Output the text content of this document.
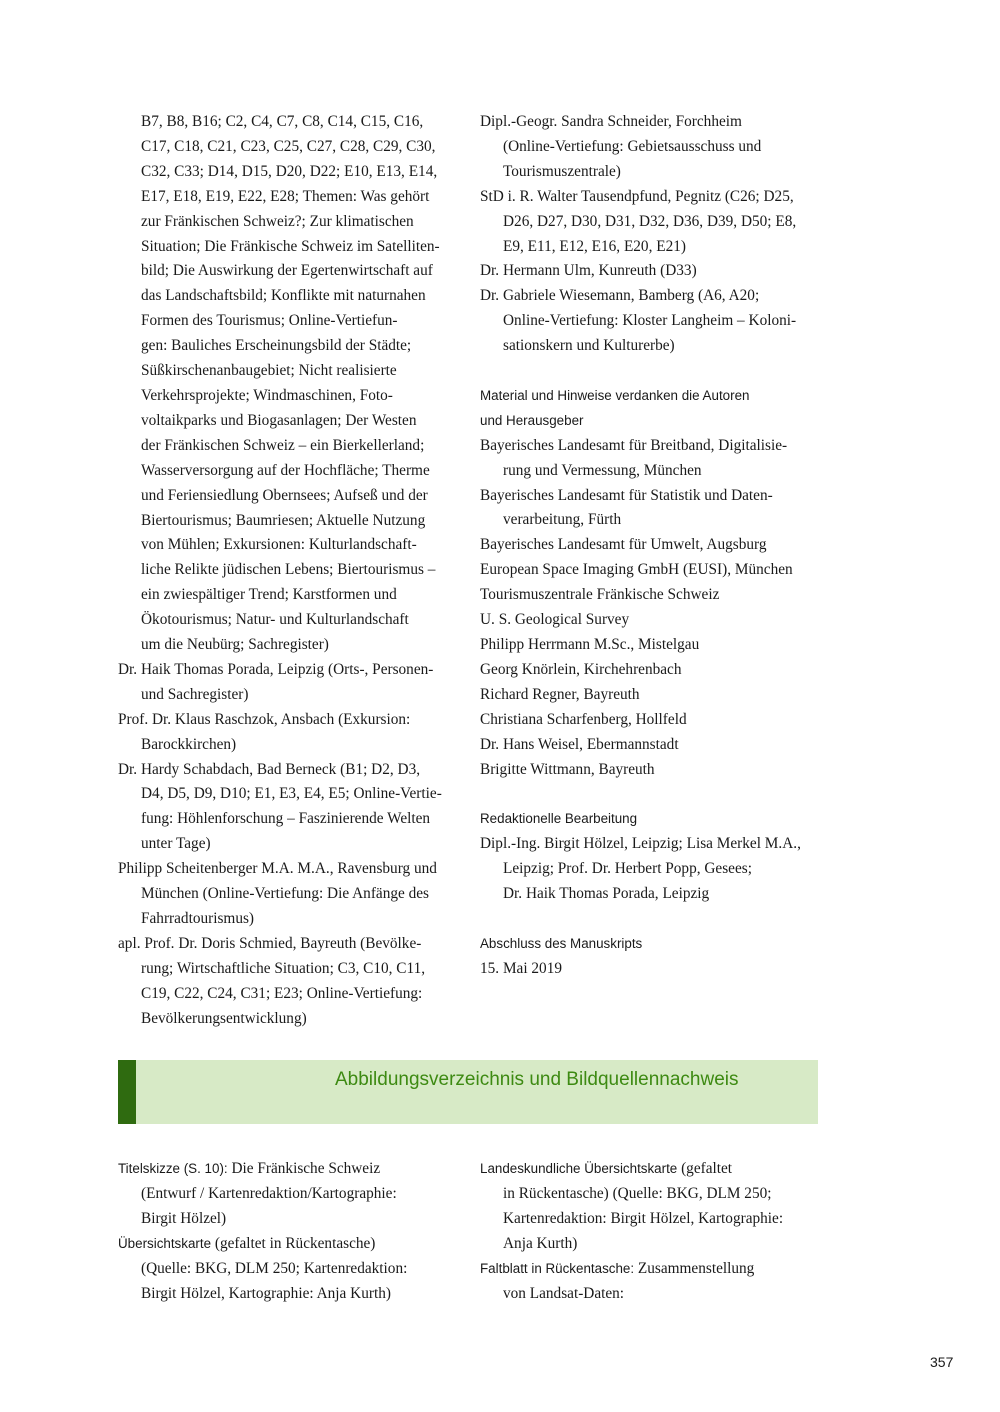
B7, B8, B16; C2, C4, C7, C8, C14, C15, C16,
C17, C18, C21, C23, C25, C27, C28, C29, C30,
C32, C33; D14, D15, D20, D22; E10, E13, E14,
E17, E18, E19, E22, E28; Themen: Was gehört
zur Fränkischen Schweiz?; Zur klimatischen
Situation; Die Fränkische Schweiz im Satelliten-
bild; Die Auswirkung der Egertenwirtschaft auf
das Landschaftsbild; Konflikte mit naturnahen
Formen des Tourismus; Online-Vertiefun-
gen: Bauliches Erscheinungsbild der Städte;
Süßkirschenanbaugebiet; Nicht realisierte
Verkehrsprojekte; Windmaschinen, Foto-
voltaikparks und Biogasanlagen; Der Westen
der Fränkischen Schweiz – ein Bierkellerland;
Wasserversorgung auf der Hochfläche; Therme
und Feriensiedlung Obernsees; Aufseß und der
Biertourismus; Baumriesen; Aktuelle Nutzung
von Mühlen; Exkursionen: Kulturlandschaft-
liche Relikte jüdischen Lebens; Biertourismus –
ein zwiespältiger Trend; Karstformen und
Ökotourismus; Natur- und Kulturlandschaft
um die Neubürg; Sachregister)
Dr. Haik Thomas Porada, Leipzig (Orts-, Personen-
und Sachregister)
Prof. Dr. Klaus Raschzok, Ansbach (Exkursion:
Barockkirchen)
Dr. Hardy Schabdach, Bad Berneck (B1; D2, D3,
D4, D5, D9, D10; E1, E3, E4, E5; Online-Vertie-
fung: Höhlenforschung – Faszinierende Welten
unter Tage)
Philipp Scheitenberger M.A. M.A., Ravensburg und
München (Online-Vertiefung: Die Anfänge des
Fahrradtourismus)
apl. Prof. Dr. Doris Schmied, Bayreuth (Bevölke-
rung; Wirtschaftliche Situation; C3, C10, C11,
C19, C22, C24, C31; E23; Online-Vertiefung:
Bevölkerungsentwicklung)
Dipl.-Geogr. Sandra Schneider, Forchheim
(Online-Vertiefung: Gebietsausschuss und
Tourismuszentrale)
StD i. R. Walter Tausendpfund, Pegnitz (C26; D25,
D26, D27, D30, D31, D32, D36, D39, D50; E8,
E9, E11, E12, E16, E20, E21)
Dr. Hermann Ulm, Kunreuth (D33)
Dr. Gabriele Wiesemann, Bamberg (A6, A20;
Online-Vertiefung: Kloster Langheim – Koloni-
sationskern und Kulturerbe)
Material und Hinweise verdanken die Autoren
und Herausgeber
Bayerisches Landesamt für Breitband, Digitalisie-
rung und Vermessung, München
Bayerisches Landesamt für Statistik und Daten-
verarbeitung, Fürth
Bayerisches Landesamt für Umwelt, Augsburg
European Space Imaging GmbH (EUSI), München
Tourismuszentrale Fränkische Schweiz
U. S. Geological Survey
Philipp Herrmann M.Sc., Mistelgau
Georg Knörlein, Kirchehrenbach
Richard Regner, Bayreuth
Christiana Scharfenberg, Hollfeld
Dr. Hans Weisel, Ebermannstadt
Brigitte Wittmann, Bayreuth
Redaktionelle Bearbeitung
Dipl.-Ing. Birgit Hölzel, Leipzig; Lisa Merkel M.A.,
Leipzig; Prof. Dr. Herbert Popp, Gesees;
Dr. Haik Thomas Porada, Leipzig
Abschluss des Manuskripts
15. Mai 2019
Abbildungsverzeichnis und Bildquellennachweis
Titelskizze (S. 10): Die Fränkische Schweiz
(Entwurf / Kartenredaktion/Kartographie:
Birgit Hölzel)
Übersichtskarte (gefaltet in Rückentasche)
(Quelle: BKG, DLM 250; Kartenredaktion:
Birgit Hölzel, Kartographie: Anja Kurth)
Landeskundliche Übersichtskarte (gefaltet
in Rückentasche) (Quelle: BKG, DLM 250;
Kartenredaktion: Birgit Hölzel, Kartographie:
Anja Kurth)
Faltblatt in Rückentasche: Zusammenstellung
von Landsat-Daten:
357
